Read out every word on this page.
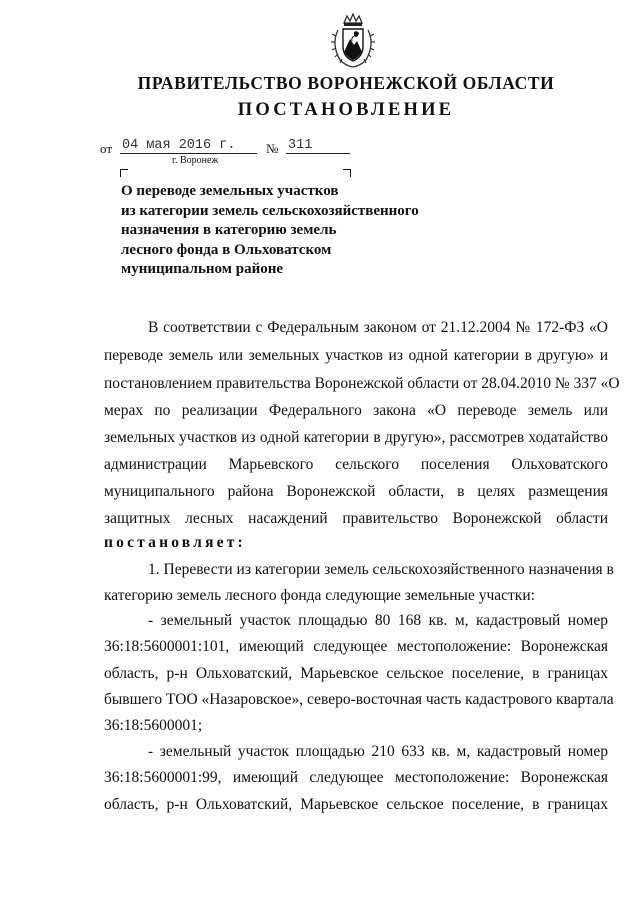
ПРАВИТЕЛЬСТВО ВОРОНЕЖСКОЙ ОБЛАСТИ
ПОСТАНОВЛЕНИЕ
от 04 мая 2016 г.	№ 311
г. Воронеж
О переводе земельных участков
из категории земель сельскохозяйственного
назначения в категорию земель
лесного фонда в Ольховатском
муниципальном районе
В соответствии с Федеральным законом от 21.12.2004 № 172-ФЗ «О
переводе земель или земельных участков из одной категории в другую» и
постановлением правительства Воронежской области от 28.04.2010 № 337 «О
мерах по реализации Федерального закона «О переводе земель или
земельных участков из одной категории в другую», рассмотрев ходатайство
администрации Марьевского сельского поселения Ольховатского
муниципального района Воронежской области, в целях размещения
защитных лесных насаждений правительство Воронежской области
постановляет:
1. Перевести из категории земель сельскохозяйственного назначения в
категорию земель лесного фонда следующие земельные участки:
- земельный участок площадью 80 168 кв. м, кадастровый номер
36:18:5600001:101, имеющий следующее местоположение: Воронежская
область, р-н Ольховатский, Марьевское сельское поселение, в границах
бывшего ТОО «Назаровское», северо-восточная часть кадастрового квартала
36:18:5600001;
- земельный участок площадью 210 633 кв. м, кадастровый номер
36:18:5600001:99, имеющий следующее местоположение: Воронежская
область, р-н Ольховатский, Марьевское сельское поселение, в границах
